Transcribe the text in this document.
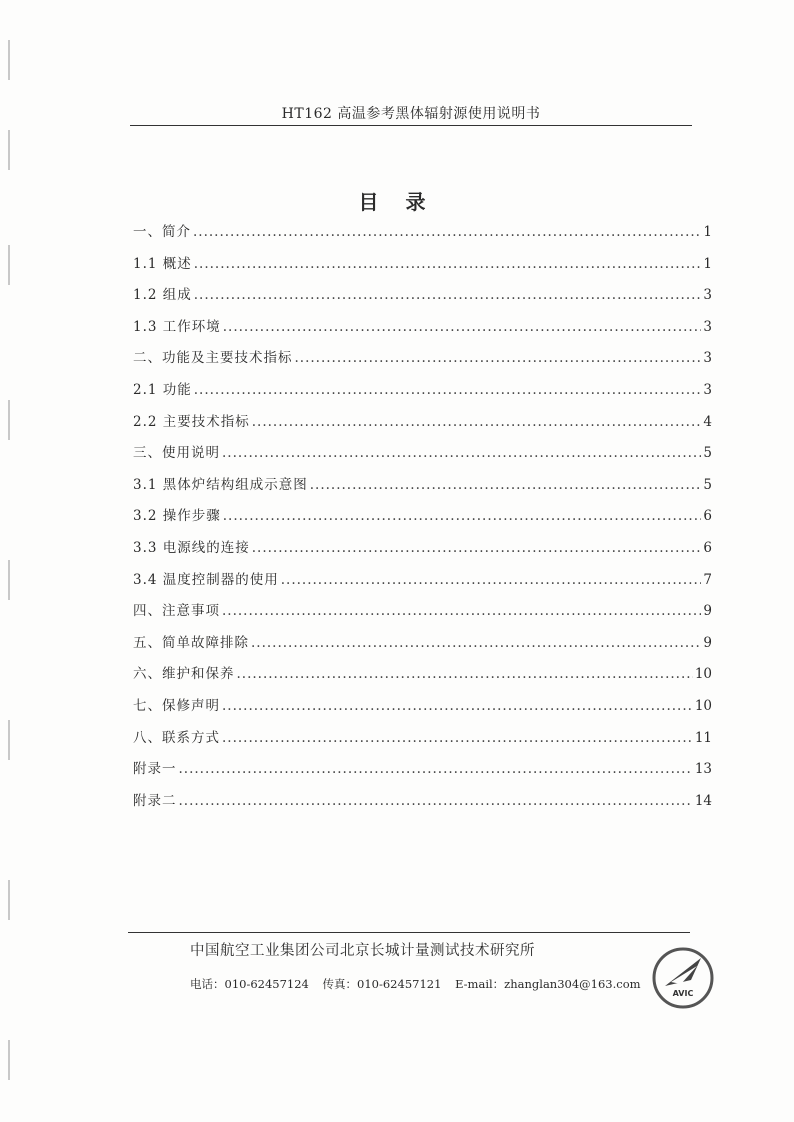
HT162 高温参考黑体辐射源使用说明书
目 录
一、简介 .....	1
1.1 概述 .....	1
1.2 组成 .....	3
1.3 工作环境 .....	3
二、功能及主要技术指标 .....	3
2.1 功能 .....	3
2.2 主要技术指标 .....	4
三、使用说明 .....	5
3.1 黑体炉结构组成示意图 .....	5
3.2 操作步骤 .....	6
3.3 电源线的连接 .....	6
3.4 温度控制器的使用 .....	7
四、注意事项 .....	9
五、简单故障排除 .....	9
六、维护和保养 .....	10
七、保修声明 .....	10
八、联系方式 .....	11
附录一 .....	13
附录二 .....	14
中国航空工业集团公司北京长城计量测试技术研究所
电话：010-62457124 传真：010-62457121 E-mail：zhanglan304@163.com
AVIC
